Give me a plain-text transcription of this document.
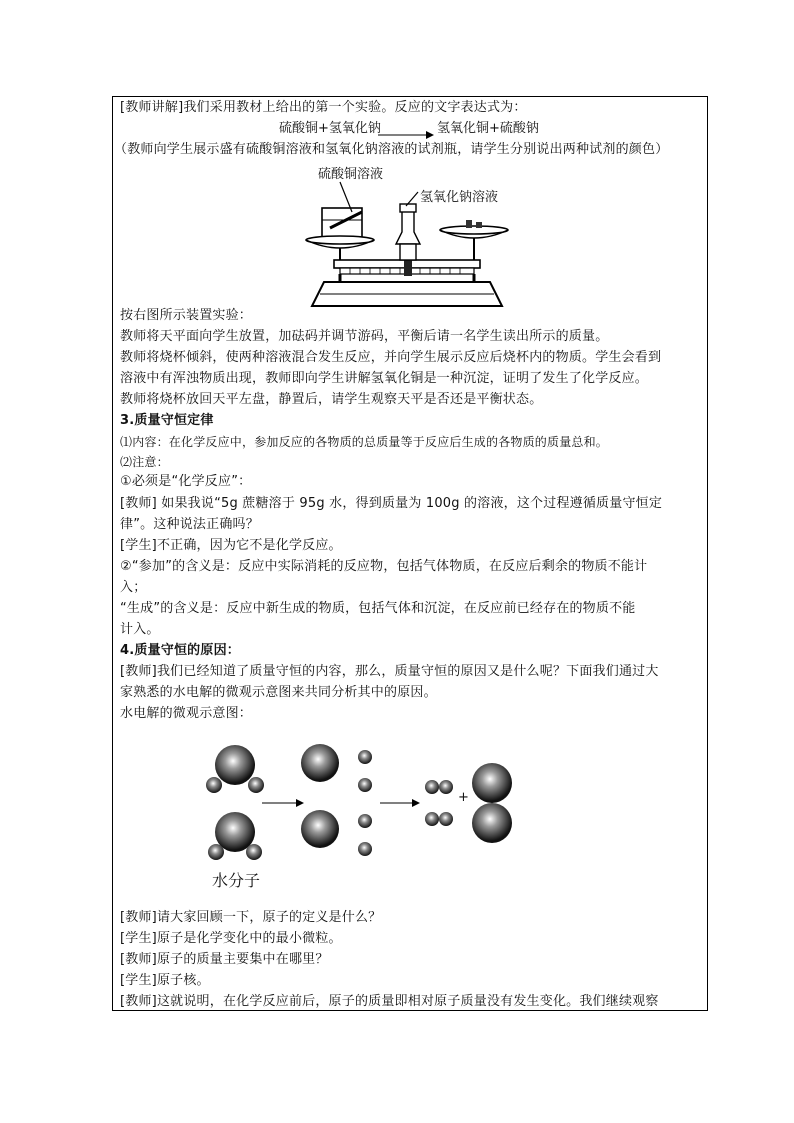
[教师讲解]我们采用教材上给出的第一个实验。反应的文字表达式为：
硫酸铜+氢氧化钠 → 氢氧化铜+硫酸钠
（教师向学生展示盛有硫酸铜溶液和氢氧化钠溶液的试剂瓶，请学生分别说出两种试剂的颜色）
硫酸铜溶液
氢氧化钠溶液
按右图所示装置实验：
教师将天平面向学生放置，加砝码并调节游码，平衡后请一名学生读出所示的质量。
教师将烧杯倾斜，使两种溶液混合发生反应，并向学生展示反应后烧杯内的物质。学生会看到
溶液中有浑浊物质出现，教师即向学生讲解氢氧化铜是一种沉淀，证明了发生了化学反应。
教师将烧杯放回天平左盘，静置后，请学生观察天平是否还是平衡状态。
3.质量守恒定律
⑴内容：在化学反应中，参加反应的各物质的总质量等于反应后生成的各物质的质量总和。
⑵注意：
①必须是“化学反应”：
[教师] 如果我说“5g 蔗糖溶于 95g 水，得到质量为 100g 的溶液，这个过程遵循质量守恒定
律”。这种说法正确吗？
[学生]不正确，因为它不是化学反应。
②“参加”的含义是：反应中实际消耗的反应物，包括气体物质，在反应后剩余的物质不能计
入；
“生成”的含义是：反应中新生成的物质，包括气体和沉淀，在反应前已经存在的物质不能
计入。
4.质量守恒的原因：
[教师]我们已经知道了质量守恒的内容，那么，质量守恒的原因又是什么呢？下面我们通过大
家熟悉的水电解的微观示意图来共同分析其中的原因。
水电解的微观示意图：
+
水分子
[教师]请大家回顾一下，原子的定义是什么？
[学生]原子是化学变化中的最小微粒。
[教师]原子的质量主要集中在哪里？
[学生]原子核。
[教师]这就说明，在化学反应前后，原子的质量即相对原子质量没有发生变化。我们继续观察
